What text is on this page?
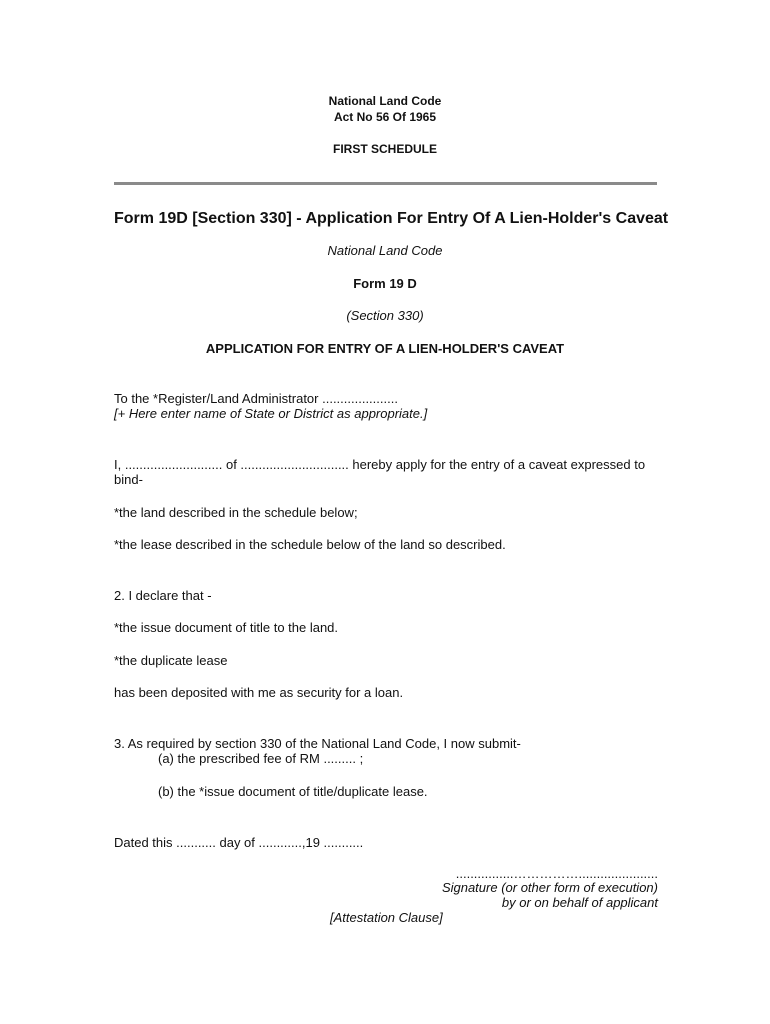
National Land Code
Act No 56 Of 1965
FIRST SCHEDULE
Form 19D [Section 330] - Application For Entry Of A Lien-Holder's Caveat
National Land Code
Form 19 D
(Section 330)
APPLICATION FOR ENTRY OF A LIEN-HOLDER'S CAVEAT
To the *Register/Land Administrator .....................
[+ Here enter name of State or District as appropriate.]
I, ........................... of .............................. hereby apply for the entry of a caveat expressed to
bind-
*the land described in the schedule below;
*the lease described in the schedule below of the land so described.
2. I declare that -
*the issue document of title to the land.
*the duplicate lease
has been deposited with me as security for a loan.
3. As required by section 330 of the National Land Code, I now submit-
(a) the prescribed fee of RM ......... ;
(b) the *issue document of title/duplicate lease.
Dated this ........... day of ............,19 ...........
................……………......................
Signature (or other form of execution)
by or on behalf of applicant
[Attestation Clause]
